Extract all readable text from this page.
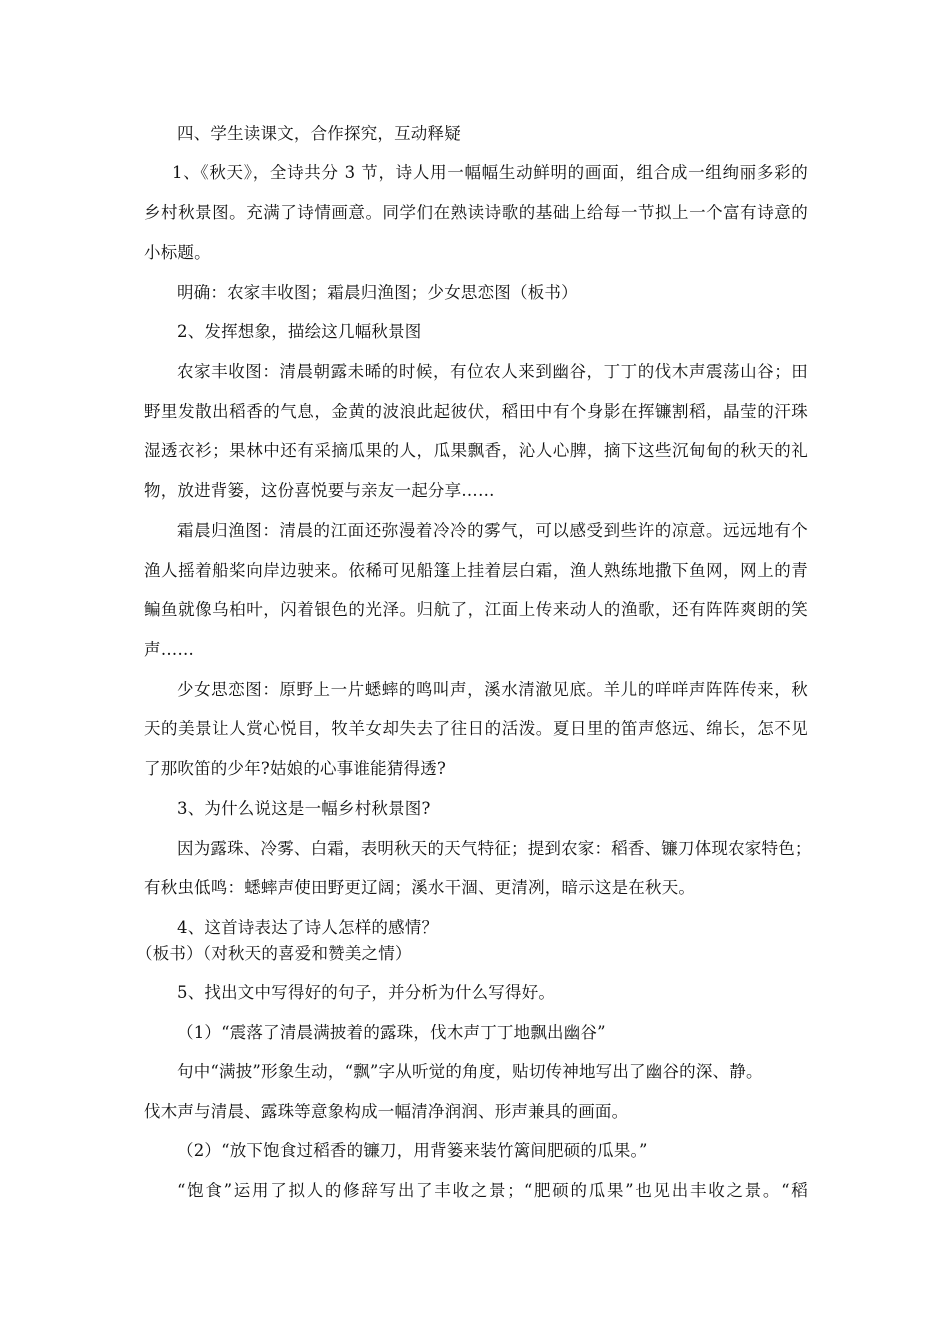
四、学生读课文，合作探究，互动释疑
1、《秋天》，全诗共分 3 节，诗人用一幅幅生动鲜明的画面，组合成一组绚丽多彩的
乡村秋景图。充满了诗情画意。同学们在熟读诗歌的基础上给每一节拟上一个富有诗意的
小标题。
明确：农家丰收图；霜晨归渔图；少女思恋图（板书）
2、发挥想象，描绘这几幅秋景图
农家丰收图：清晨朝露未晞的时候，有位农人来到幽谷，丁丁的伐木声震荡山谷；田
野里发散出稻香的气息，金黄的波浪此起彼伏，稻田中有个身影在挥镰割稻，晶莹的汗珠
湿透衣衫；果林中还有采摘瓜果的人，瓜果飘香，沁人心脾，摘下这些沉甸甸的秋天的礼
物，放进背篓，这份喜悦要与亲友一起分享……
霜晨归渔图：清晨的江面还弥漫着冷冷的雾气，可以感受到些许的凉意。远远地有个
渔人摇着船桨向岸边驶来。依稀可见船篷上挂着层白霜，渔人熟练地撒下鱼网，网上的青
鳊鱼就像乌桕叶，闪着银色的光泽。归航了，江面上传来动人的渔歌，还有阵阵爽朗的笑
声……
少女思恋图：原野上一片蟋蟀的鸣叫声，溪水清澈见底。羊儿的咩咩声阵阵传来，秋
天的美景让人赏心悦目，牧羊女却失去了往日的活泼。夏日里的笛声悠远、绵长，怎不见
了那吹笛的少年?姑娘的心事谁能猜得透?
3、为什么说这是一幅乡村秋景图?
因为露珠、冷雾、白霜，表明秋天的天气特征；提到农家：稻香、镰刀体现农家特色；
有秋虫低鸣：蟋蟀声使田野更辽阔；溪水干涸、更清冽，暗示这是在秋天。
4、这首诗表达了诗人怎样的感情？
（板书）（对秋天的喜爱和赞美之情）
5、找出文中写得好的句子，并分析为什么写得好。
（1）“震落了清晨满披着的露珠，伐木声丁丁地飘出幽谷”
句中“满披”形象生动，“飘”字从听觉的角度，贴切传神地写出了幽谷的深、静。
伐木声与清晨、露珠等意象构成一幅清净润润、形声兼具的画面。
（2）“放下饱食过稻香的镰刀，用背篓来装竹篱间肥硕的瓜果。”
“饱食”运用了拟人的修辞写出了丰收之景；“肥硕的瓜果”也见出丰收之景。“稻
